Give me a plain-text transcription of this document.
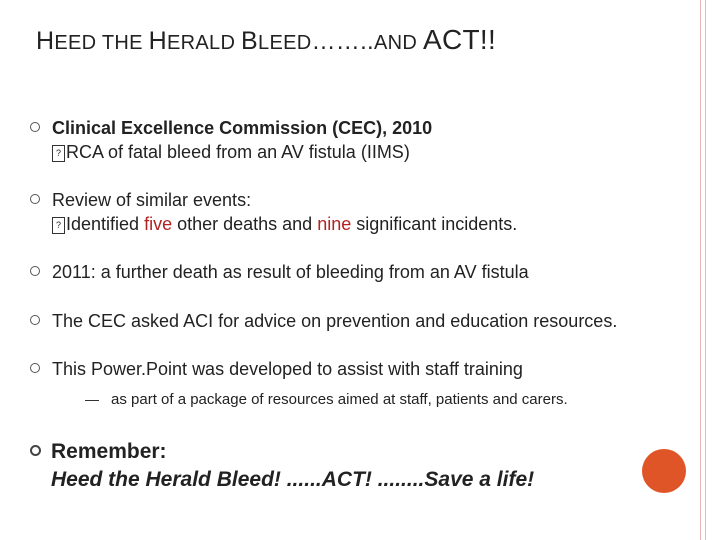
HEED THE HERALD BLEED……..AND ACT!!
Clinical Excellence Commission (CEC), 2010
? RCA of fatal bleed from an AV fistula (IIMS)
Review of similar events:
? Identified five other deaths and nine significant incidents.
2011: a further death as result of bleeding from an AV fistula
The CEC asked ACI for advice on prevention and education resources.
This Power.Point was developed to assist with staff training
as part of a package of resources aimed at staff, patients and carers.
Remember:
Heed the Herald Bleed! ......ACT! ........Save a life!
